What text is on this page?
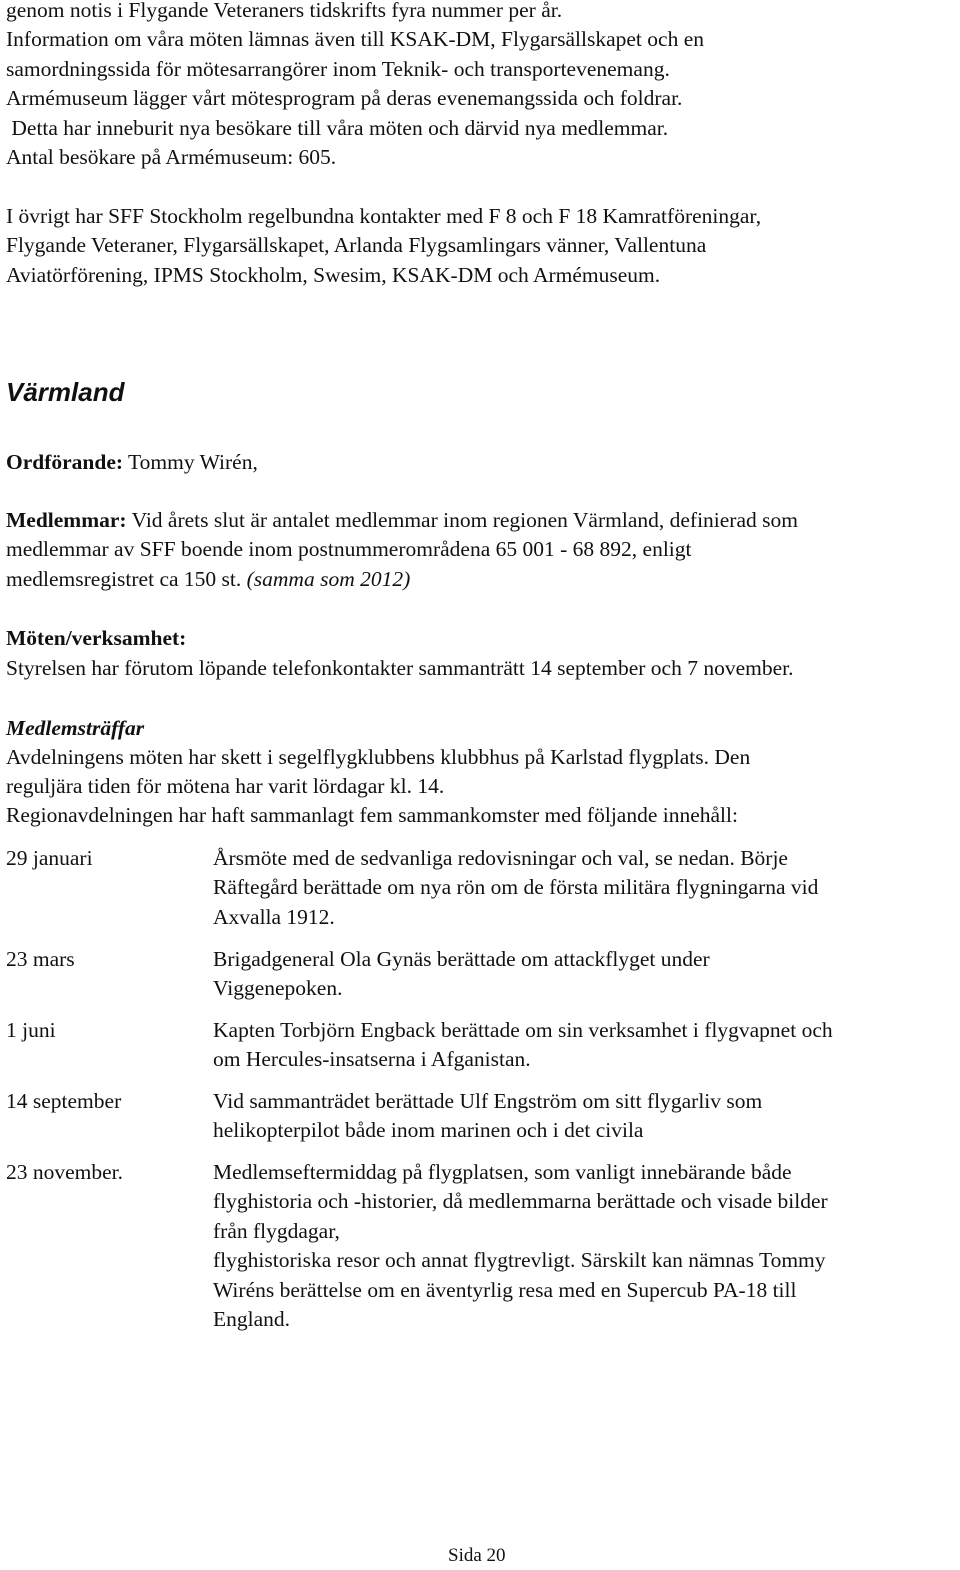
genom notis i Flygande Veteraners tidskrifts fyra nummer per år.
Information om våra möten lämnas även till KSAK-DM, Flygarsällskapet och en
samordningssida för mötesarrangörer inom Teknik- och transportevenemang.
Armémuseum lägger vårt mötesprogram på deras evenemangssida och foldrar.
Detta har inneburit nya besökare till våra möten och därvid nya medlemmar.
Antal besökare på Armémuseum: 605.
I övrigt har SFF Stockholm regelbundna kontakter med F 8 och F 18 Kamratföreningar,
Flygande Veteraner, Flygarsällskapet, Arlanda Flygsamlingars vänner, Vallentuna
Aviatörförening, IPMS Stockholm, Swesim, KSAK-DM och Armémuseum.
Värmland
Ordförande: Tommy Wirén,
Medlemmar: Vid årets slut är antalet medlemmar inom regionen Värmland, definierad som
medlemmar av SFF boende inom postnummerområdena 65 001 - 68 892, enligt
medlemsregistret ca 150 st. (samma som 2012)
Möten/verksamhet:
Styrelsen har förutom löpande telefonkontakter sammanträtt 14 september och 7 november.
Medlemsträffar
Avdelningens möten har skett i segelflygklubbens klubbhus på Karlstad flygplats. Den
reguljära tiden för mötena har varit lördagar kl. 14.
Regionavdelningen har haft sammanlagt fem sammankomster med följande innehåll:
29 januari	Årsmöte med de sedvanliga redovisningar och val, se nedan. Börje
Räftegård berättade om nya rön om de första militära flygningarna vid
Axvalla 1912.
23 mars	Brigadgeneral Ola Gynäs berättade om attackflyget under
Viggenepoken.
1 juni	Kapten Torbjörn Engback berättade om sin verksamhet i flygvapnet och
om Hercules-insatserna i Afganistan.
14 september	Vid sammanträdet berättade Ulf Engström om sitt flygarliv som
helikopterpilot både inom marinen och i det civila
23 november.	Medlemseftermiddag på flygplatsen, som vanligt innebärande både
flyghistoria och -historier, då medlemmarna berättade och visade bilder
från flygdagar,
flyghistoriska resor och annat flygtrevligt. Särskilt kan nämnas Tommy
Wiréns berättelse om en äventyrlig resa med en Supercub PA-18 till
England.
Sida 20
